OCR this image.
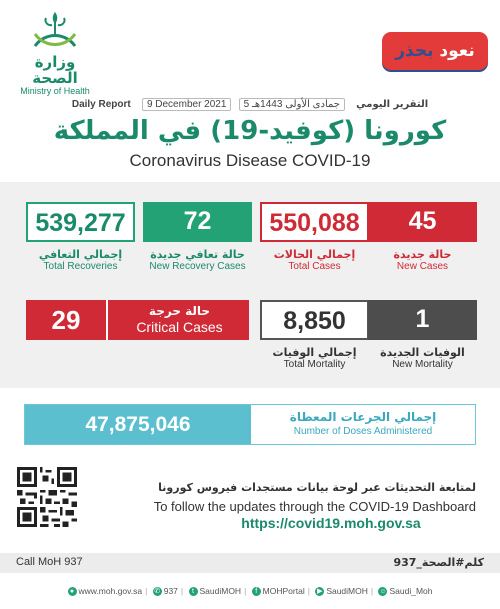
وزارة الصحة
Ministry of Health
نعود بحذر
Daily Report 9 December 2021 5 جمادى الأولى 1443هـ التقرير اليومي
كورونا (كوفيد-19) في المملكة
Coronavirus Disease COVID-19
539,277
إجمالي التعافي
Total Recoveries
72
حالة تعافي جديدة
New Recovery Cases
550,088
إجمالي الحالات
Total Cases
45
حالة جديدة
New Cases
29	حالة حرجة
Critical Cases	8,850
إجمالي الوفيات
Total Mortality
1
الوفيات الجديدة
New Mortality
47,875,046	إجمالي الجرعات المعطاة
Number of Doses Administered
لمتابعة التحديثات عبر لوحة بيانات مستجدات فيروس كورونا
To follow the updates through the COVID-19 Dashboard
https://covid19.moh.gov.sa
Call MoH 937	كلم#الصحة_937
● www.moh.gov.sa | ✆ 937 | t SaudiMOH | f MOHPortal | ▶ SaudiMOH | ☺ Saudi_Moh
